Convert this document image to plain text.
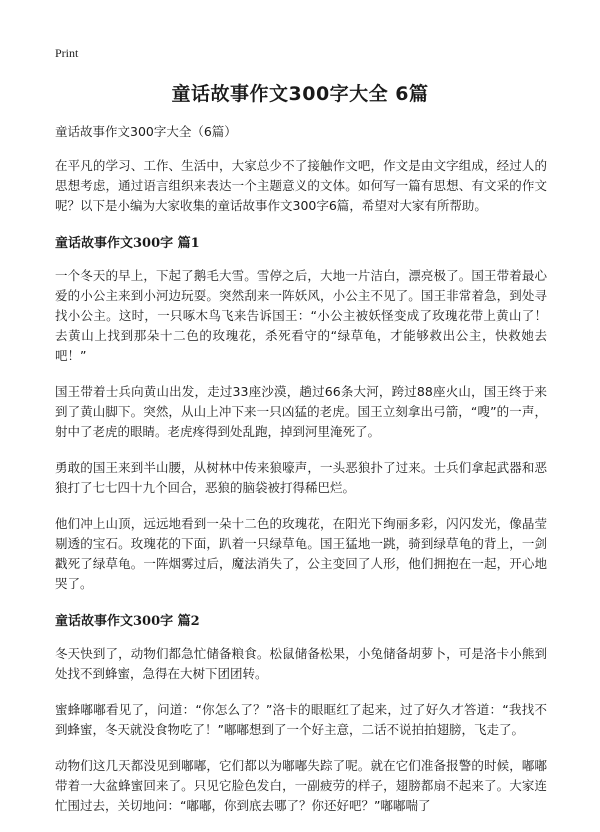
Print
童话故事作文300字大全 6篇

童话故事作文300字大全（6篇）

在平凡的学习、工作、生活中，大家总少不了接触作文吧，作文是由文字组成，经过人的思想考虑，通过语言组织来表达一个主题意义的文体。如何写一篇有思想、有文采的作文呢？以下是小编为大家收集的童话故事作文300字6篇，希望对大家有所帮助。

童话故事作文300字 篇1

一个冬天的早上，下起了鹅毛大雪。雪停之后，大地一片洁白，漂亮极了。国王带着最心爱的小公主来到小河边玩耍。突然刮来一阵妖风，小公主不见了。国王非常着急，到处寻找小公主。这时，一只啄木鸟飞来告诉国王：“小公主被妖怪变成了玫瑰花带上黄山了！去黄山上找到那朵十二色的玫瑰花，杀死看守的“绿草龟，才能够救出公主，快救她去吧！”

国王带着士兵向黄山出发，走过33座沙漠，趟过66条大河，跨过88座火山，国王终于来到了黄山脚下。突然，从山上冲下来一只凶猛的老虎。国王立刻拿出弓箭，“嗖”的一声，射中了老虎的眼睛。老虎疼得到处乱跑，掉到河里淹死了。

勇敢的国王来到半山腰，从树林中传来狼嚎声，一头恶狼扑了过来。士兵们拿起武器和恶狼打了七七四十九个回合，恶狼的脑袋被打得稀巴烂。

他们冲上山顶，远远地看到一朵十二色的玫瑰花，在阳光下绚丽多彩，闪闪发光，像晶莹剔透的宝石。玫瑰花的下面，趴着一只绿草龟。国王猛地一跳，骑到绿草龟的背上，一剑戳死了绿草龟。一阵烟雾过后，魔法消失了，公主变回了人形，他们拥抱在一起，开心地哭了。

童话故事作文300字 篇2

冬天快到了，动物们都急忙储备粮食。松鼠储备松果，小兔储备胡萝卜，可是洛卡小熊到处找不到蜂蜜，急得在大树下团团转。

蜜蜂嘟嘟看见了，问道：“你怎么了？”洛卡的眼眶红了起来，过了好久才答道：“我找不到蜂蜜，冬天就没食物吃了！”嘟嘟想到了一个好主意，二话不说拍拍翅膀，飞走了。

动物们这几天都没见到嘟嘟，它们都以为嘟嘟失踪了呢。就在它们准备报警的时候，嘟嘟带着一大盆蜂蜜回来了。只见它脸色发白，一副疲劳的样子，翅膀都扇不起来了。大家连忙围过去，关切地问：“嘟嘟，你到底去哪了？你还好吧？”嘟嘟喘了
